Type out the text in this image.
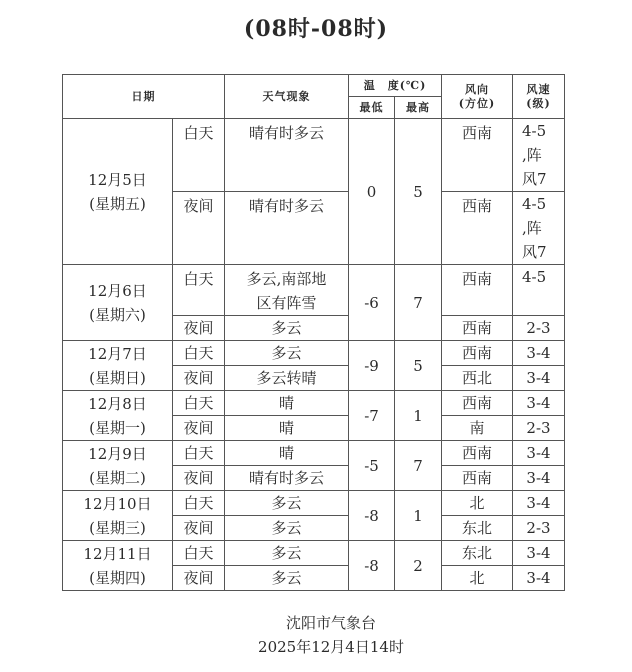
(08时-08时)
日期		天气现象	温　度(℃)		风向
(方位)	风速
(级)
			最低	最高		
12月5日
(星期五)	白天	晴有时多云	0	5	西南	4-5
,阵
风7
	夜间	晴有时多云			西南	4-5
,阵
风7
12月6日
(星期六)	白天	多云,南部地
区有阵雪	-6	7	西南	4-5
	夜间	多云			西南	2-3
12月7日
(星期日)	白天	多云	-9	5	西南	3-4
	夜间	多云转晴			西北	3-4
12月8日
(星期一)	白天	晴	-7	1	西南	3-4
	夜间	晴			南	2-3
12月9日
(星期二)	白天	晴	-5	7	西南	3-4
	夜间	晴有时多云			西南	3-4
12月10日
(星期三)	白天	多云	-8	1	北	3-4
	夜间	多云			东北	2-3
12月11日
(星期四)	白天	多云	-8	2	东北	3-4
	夜间	多云			北	3-4
沈阳市气象台
2025年12月4日14时
